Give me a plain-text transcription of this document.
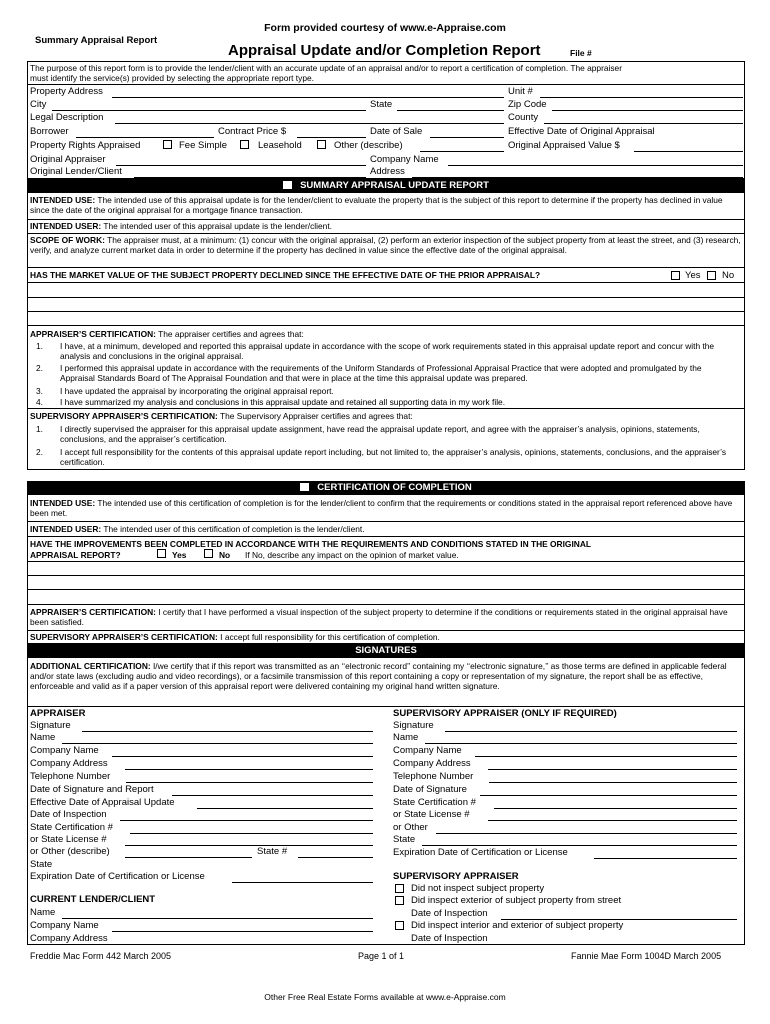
Form provided courtesy of www.e-Appraise.com
Summary Appraisal Report
Appraisal Update and/or Completion Report	File #
The purpose of this report form is to provide the lender/client with an accurate update of an appraisal and/or to report a certification of completion. The appraiser must identify the service(s) provided by selecting the appropriate report type.
Property Address	Unit #
City	State	Zip Code
Legal Description	County
Borrower	Contract Price $	Date of Sale	Effective Date of Original Appraisal
Property Rights Appraised	Fee Simple	Leasehold	Other (describe)	Original Appraised Value $
Original Appraiser	Company Name
Original Lender/Client	Address
SUMMARY APPRAISAL UPDATE REPORT
INTENDED USE: The intended use of this appraisal update is for the lender/client to evaluate the property that is the subject of this report to determine if the property has declined in value since the date of the original appraisal for a mortgage finance transaction.
INTENDED USER: The intended user of this appraisal update is the lender/client.
SCOPE OF WORK: The appraiser must, at a minimum: (1) concur with the original appraisal, (2) perform an exterior inspection of the subject property from at least the street, and (3) research, verify, and analyze current market data in order to determine if the property has declined in value since the effective date of the original appraisal.
HAS THE MARKET VALUE OF THE SUBJECT PROPERTY DECLINED SINCE THE EFFECTIVE DATE OF THE PRIOR APPRAISAL?	Yes No
APPRAISER’S CERTIFICATION: The appraiser certifies and agrees that:
1. I have, at a minimum, developed and reported this appraisal update in accordance with the scope of work requirements stated in this appraisal update report and concur with the analysis and conclusions in the original appraisal.
2. I performed this appraisal update in accordance with the requirements of the Uniform Standards of Professional Appraisal Practice that were adopted and promulgated by the Appraisal Standards Board of The Appraisal Foundation and that were in place at the time this appraisal update was prepared.
3. I have updated the appraisal by incorporating the original appraisal report.
4. I have summarized my analysis and conclusions in this appraisal update and retained all supporting data in my work file.
SUPERVISORY APPRAISER’S CERTIFICATION: The Supervisory Appraiser certifies and agrees that:
1. I directly supervised the appraiser for this appraisal update assignment, have read the appraisal update report, and agree with the appraiser’s analysis, opinions, statements, conclusions, and the appraiser’s certification.
2. I accept full responsibility for the contents of this appraisal update report including, but not limited to, the appraiser’s analysis, opinions, statements, conclusions, and the appraiser’s certification.
CERTIFICATION OF COMPLETION
INTENDED USE: The intended use of this certification of completion is for the lender/client to confirm that the requirements or conditions stated in the appraisal report referenced above have been met.
INTENDED USER: The intended user of this certification of completion is the lender/client.
HAVE THE IMPROVEMENTS BEEN COMPLETED IN ACCORDANCE WITH THE REQUIREMENTS AND CONDITIONS STATED IN THE ORIGINAL
APPRAISAL REPORT?	Yes	No If No, describe any impact on the opinion of market value.
APPRAISER’S CERTIFICATION: I certify that I have performed a visual inspection of the subject property to determine if the conditions or requirements stated in the original appraisal have been satisfied.
SUPERVISORY APPRAISER’S CERTIFICATION: I accept full responsibility for this certification of completion.
SIGNATURES
ADDITIONAL CERTIFICATION: I/we certify that if this report was transmitted as an ‘‘electronic record’’ containing my ‘‘electronic signature,’’ as those terms are defined in applicable federal and/or state laws (excluding audio and video recordings), or a facsimile transmission of this report containing a copy or representation of my signature, the report shall be as effective, enforceable and valid as if a paper version of this appraisal report were delivered containing my original hand written signature.
APPRAISER
Signature
Name
Company Name
Company Address
Telephone Number
Date of Signature and Report
Effective Date of Appraisal Update
Date of Inspection
State Certification #
or State License #
or Other (describe)	State #
State
Expiration Date of Certification or License
CURRENT LENDER/CLIENT
Name
Company Name
Company Address
SUPERVISORY APPRAISER (ONLY IF REQUIRED)
Signature
Name
Company Name
Company Address
Telephone Number
Date of Signature
State Certification #
or State License #
or Other
State
Expiration Date of Certification or License
SUPERVISORY APPRAISER
Did not inspect subject property
Did inspect exterior of subject property from street
Date of Inspection
Did inspect interior and exterior of subject property
Date of Inspection
Freddie Mac Form 442 March 2005	Page 1 of 1	Fannie Mae Form 1004D March 2005
Other Free Real Estate Forms available at www.e-Appraise.com
